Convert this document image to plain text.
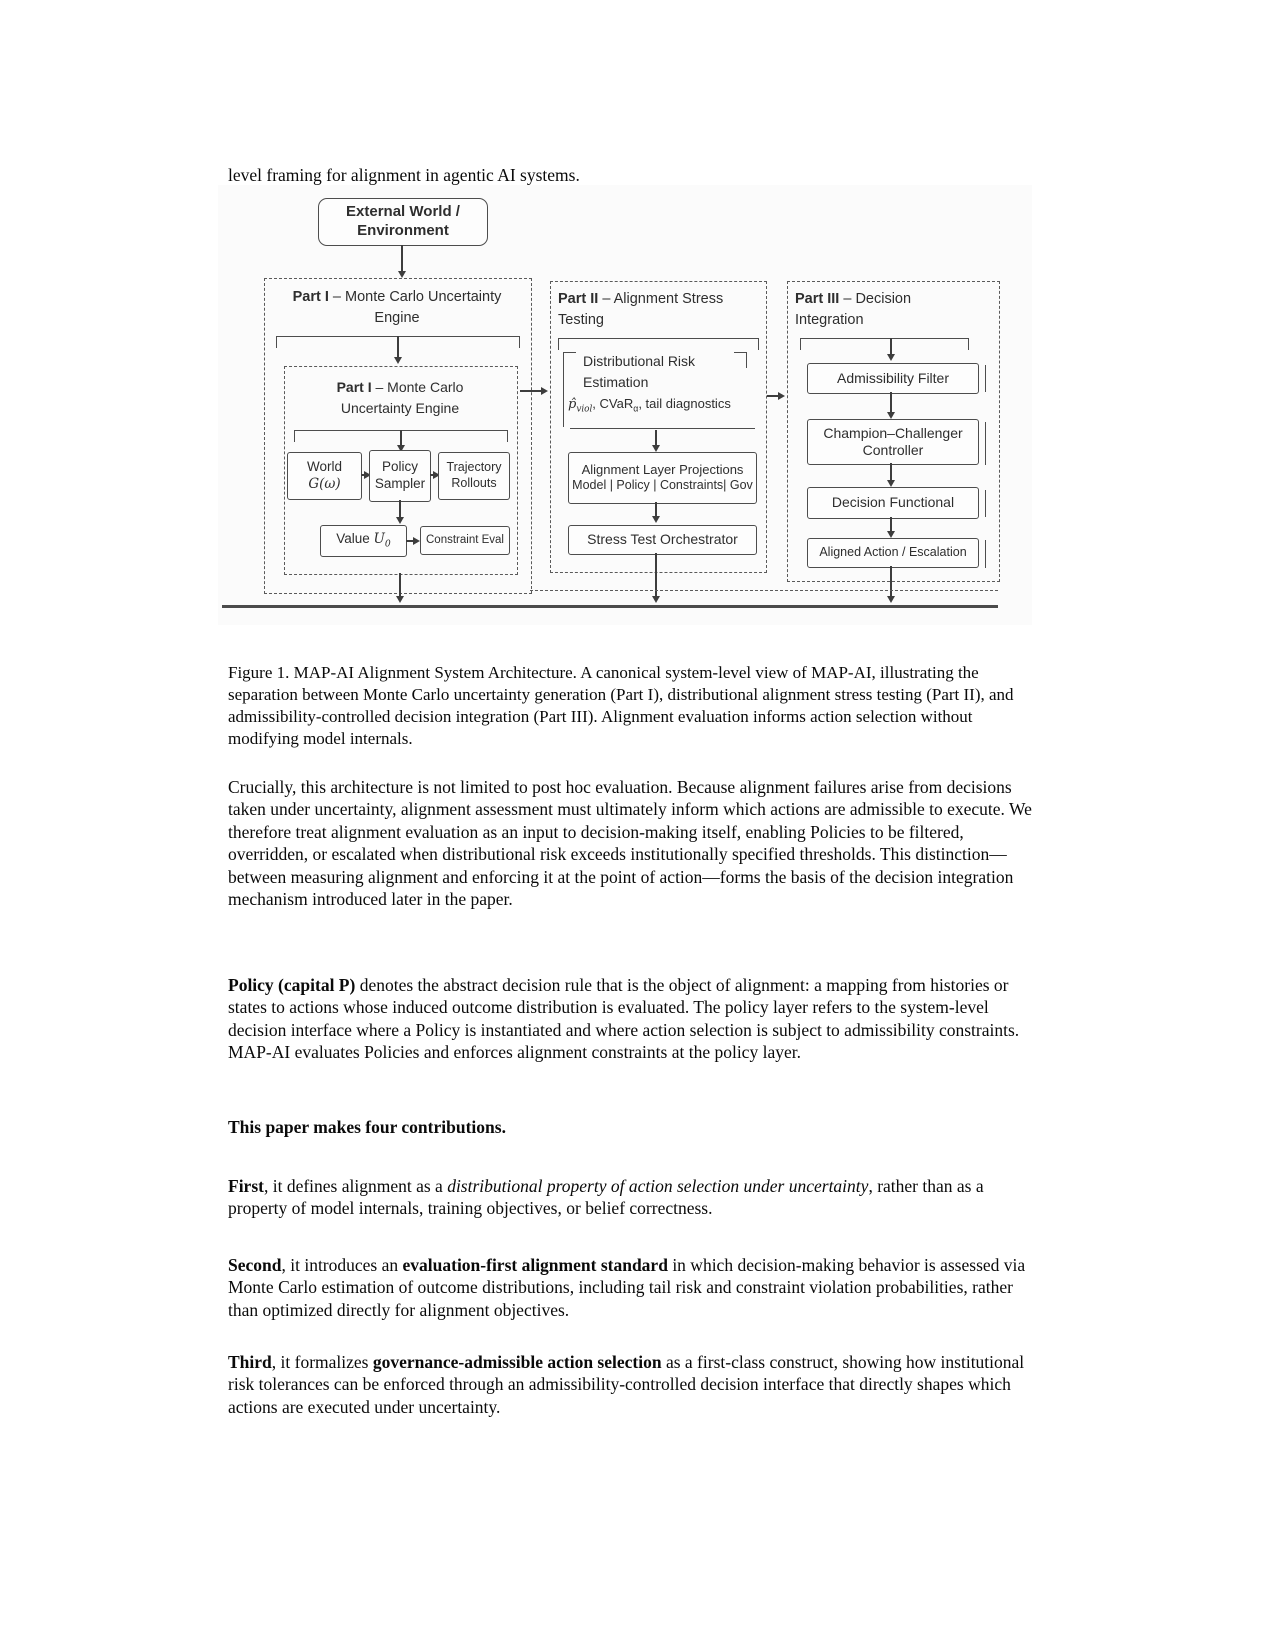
level framing for alignment in agentic AI systems.

External World /
Environment
Part I – Monte Carlo Uncertainty
Engine
Part I – Monte Carlo
Uncertainty Engine
World
G(ω)
Policy
Sampler
Trajectory
Rollouts
Value $U_0$	Constraint Eval
Part II – Alignment Stress
Testing
Distributional Risk
Estimation
$p̂_{viol}$, CVaR$_\alpha$, tail diagnostics
Alignment Layer Projections
Model | Policy | Constraints| Gov
Stress Test Orchestrator
Part III – Decision
Integration
Admissibility Filter
Champion–Challenger
Controller
Decision Functional
Aligned Action / Escalation

Figure 1. MAP-AI Alignment System Architecture. A canonical system-level view of MAP-AI, illustrating the separation between Monte Carlo uncertainty generation (Part I), distributional alignment stress testing (Part II), and admissibility-controlled decision integration (Part III). Alignment evaluation informs action selection without modifying model internals.

Crucially, this architecture is not limited to post hoc evaluation. Because alignment failures arise from decisions taken under uncertainty, alignment assessment must ultimately inform which actions are admissible to execute. We therefore treat alignment evaluation as an input to decision-making itself, enabling Policies to be filtered, overridden, or escalated when distributional risk exceeds institutionally specified thresholds. This distinction—between measuring alignment and enforcing it at the point of action—forms the basis of the decision integration mechanism introduced later in the paper.

Policy (capital P) denotes the abstract decision rule that is the object of alignment: a mapping from histories or states to actions whose induced outcome distribution is evaluated. The policy layer refers to the system-level decision interface where a Policy is instantiated and where action selection is subject to admissibility constraints. MAP-AI evaluates Policies and enforces alignment constraints at the policy layer.

This paper makes four contributions.

First, it defines alignment as a distributional property of action selection under uncertainty, rather than as a property of model internals, training objectives, or belief correctness.

Second, it introduces an evaluation-first alignment standard in which decision-making behavior is assessed via Monte Carlo estimation of outcome distributions, including tail risk and constraint violation probabilities, rather than optimized directly for alignment objectives.

Third, it formalizes governance-admissible action selection as a first-class construct, showing how institutional risk tolerances can be enforced through an admissibility-controlled decision interface that directly shapes which actions are executed under uncertainty.
